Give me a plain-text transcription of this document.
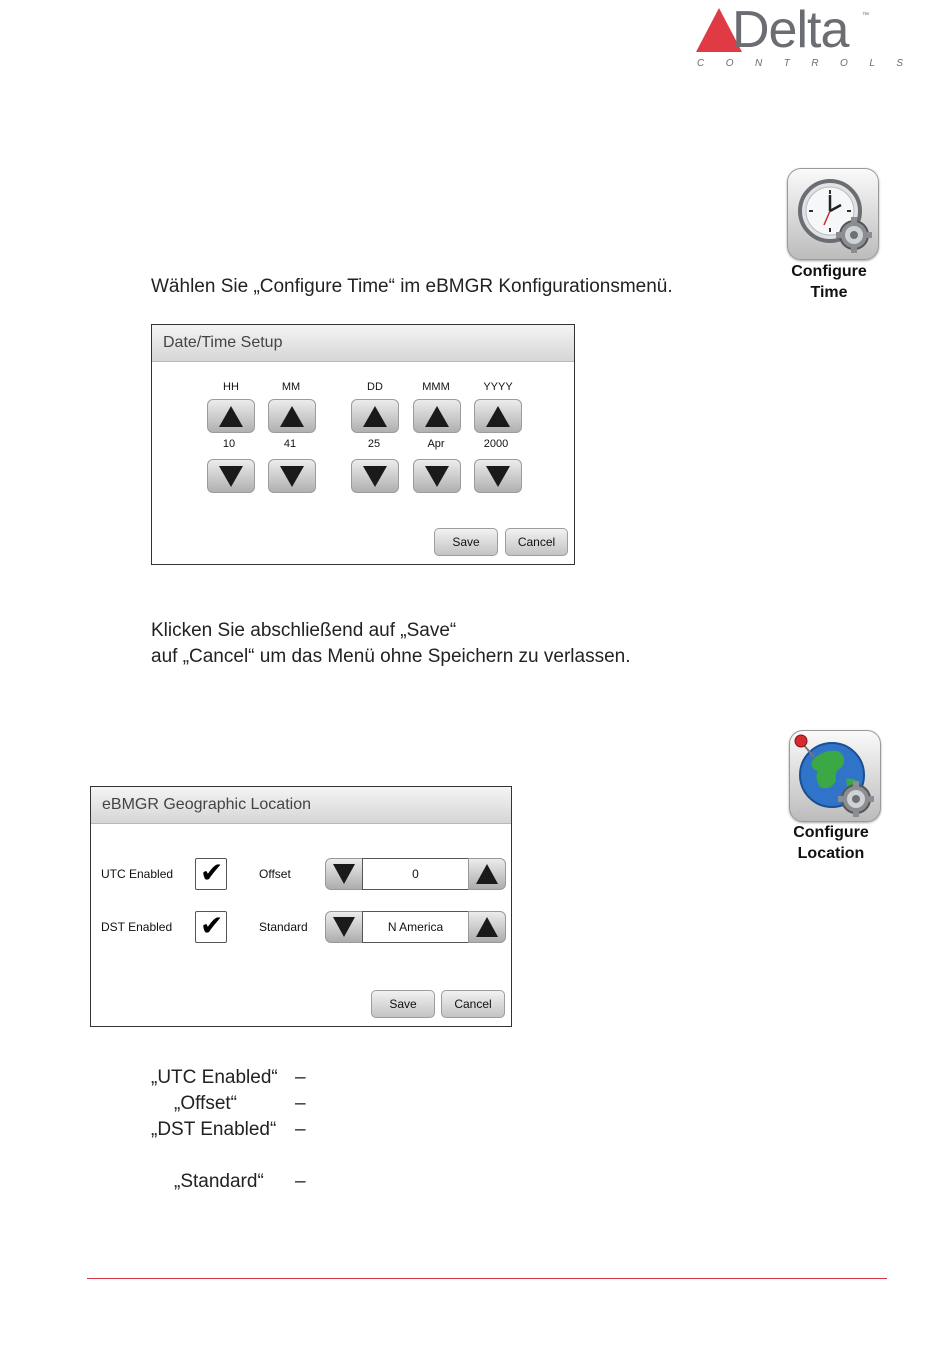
Delta ™
CONTROLS
Configure
Time
Wählen Sie „Configure Time“ im eBMGR Konfigurationsmenü.
Date/Time Setup
HH
10
MM
41
DD
25
MMM
Apr
YYYY
2000
Save	Cancel
Klicken Sie abschließend auf „Save“
auf „Cancel“ um das Menü ohne Speichern zu verlassen.
Configure
Location
eBMGR Geographic Location
UTC Enabled ✔	Offset	0
DST Enabled ✔	Standard	N America
Save	Cancel
„UTC Enabled“ –
„Offset“	–
„DST Enabled“ –
„Standard“ –
